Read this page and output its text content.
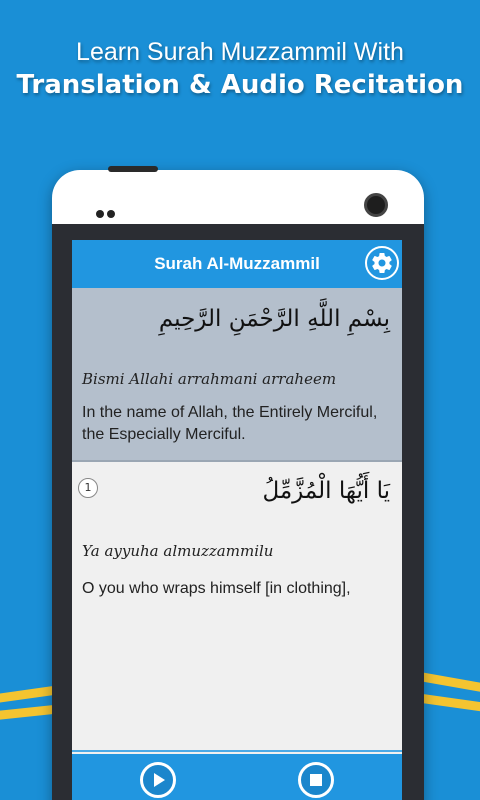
Learn Surah Muzzammil With
Translation & Audio Recitation
Surah Al-Muzzammil
بِسْمِ اللَّهِ الرَّحْمَنِ الرَّحِيمِ
Bismi Allahi arrahmani arraheem
In the name of Allah, the Entirely Merciful, the Especially Merciful.
1	يَا أَيُّهَا الْمُزَّمِّلُ
Ya ayyuha almuzzammilu
O you who wraps himself [in clothing],
